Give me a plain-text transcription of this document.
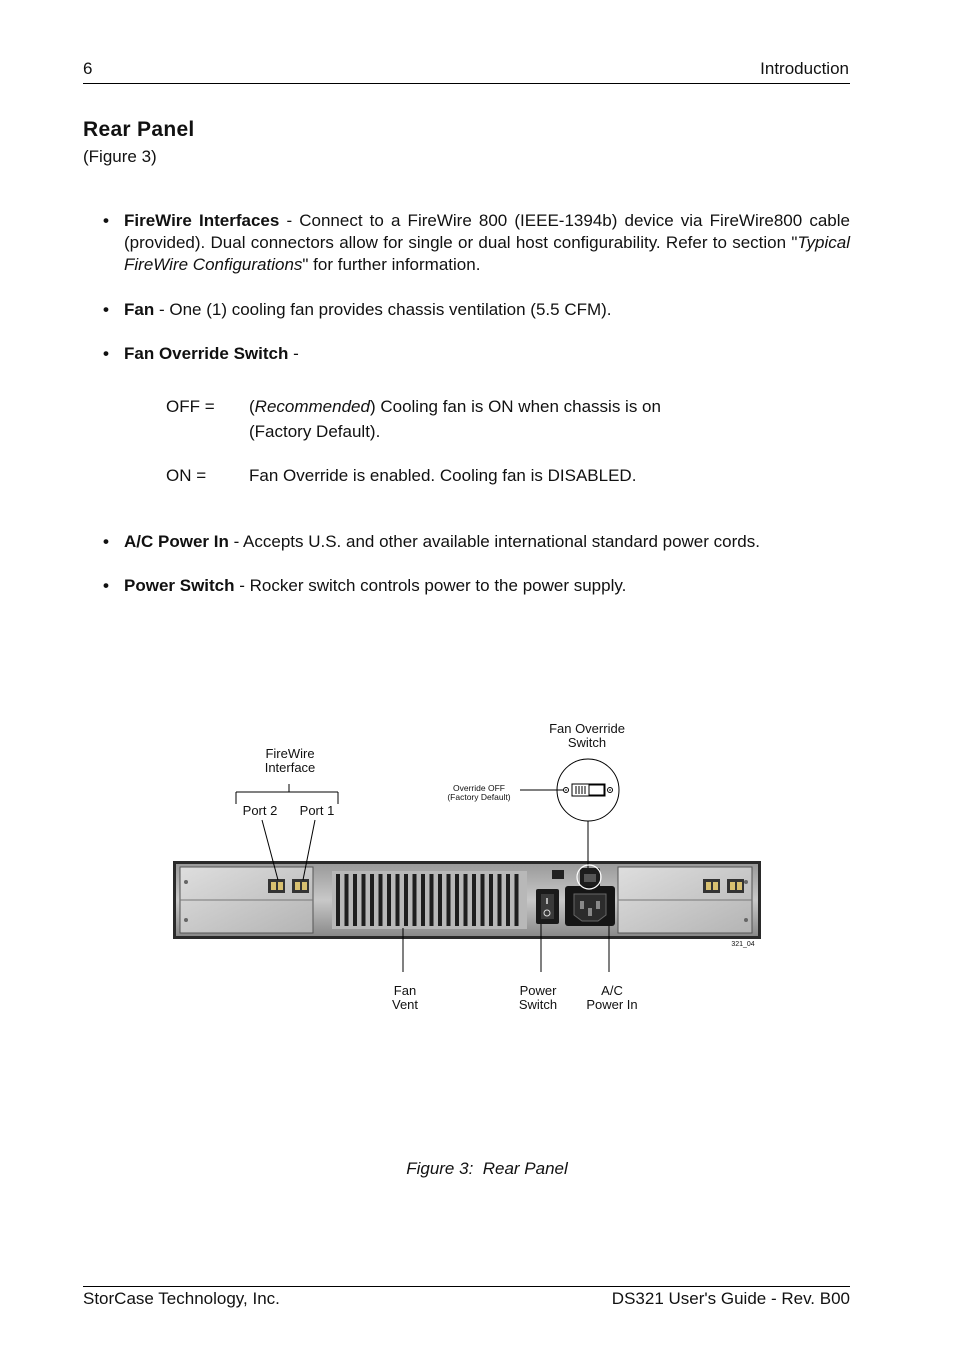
6	Introduction
Rear Panel
(Figure 3)
• FireWire Interfaces - Connect to a FireWire 800 (IEEE-1394b) device via FireWire800 cable (provided). Dual connectors allow for single or dual host configurability. Refer to section "Typical FireWire Configurations" for further information.
• Fan - One (1) cooling fan provides chassis ventilation (5.5 CFM).
• Fan Override Switch -
OFF = (Recommended) Cooling fan is ON when chassis is on
(Factory Default).
ON =	Fan Override is enabled. Cooling fan is DISABLED.
• A/C Power In - Accepts U.S. and other available international standard power cords.
• Power Switch - Rocker switch controls power to the power supply.
FireWire
Interface
Port 2	Port 1
Fan Override
Switch
Override OFF
(Factory Default)
Fan
Vent
Power
Switch
A/C
Power In
321_04
Figure 3:  Rear Panel
StorCase Technology, Inc.	DS321 User's Guide - Rev. B00
